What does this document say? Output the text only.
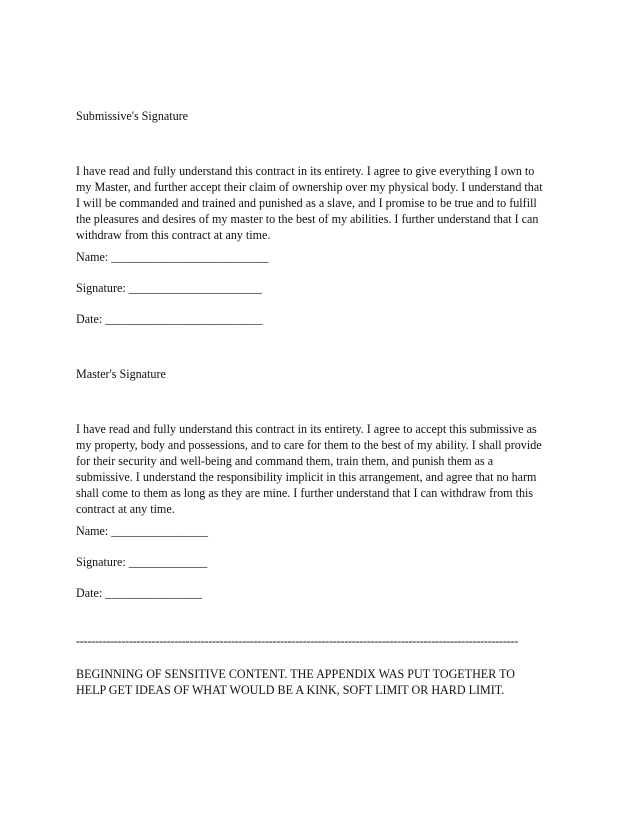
Submissive's Signature
I have read and fully understand this contract in its entirety. I agree to give everything I own to
my Master, and further accept their claim of ownership over my physical body. I understand that
I will be commanded and trained and punished as a slave, and I promise to be true and to fulfill
the pleasures and desires of my master to the best of my abilities. I further understand that I can
withdraw from this contract at any time.
Name: __________________________
Signature: ______________________
Date: __________________________
Master's Signature
I have read and fully understand this contract in its entirety. I agree to accept this submissive as
my property, body and possessions, and to care for them to the best of my ability. I shall provide
for their security and well-being and command them, train them, and punish them as a
submissive. I understand the responsibility implicit in this arrangement, and agree that no harm
shall come to them as long as they are mine. I further understand that I can withdraw from this
contract at any time.
Name: ________________
Signature: _____________
Date: ________________
---------------------------------------------------------------------------------------------------------------------
BEGINNING OF SENSITIVE CONTENT. THE APPENDIX WAS PUT TOGETHER TO
HELP GET IDEAS OF WHAT WOULD BE A KINK, SOFT LIMIT OR HARD LIMIT.
